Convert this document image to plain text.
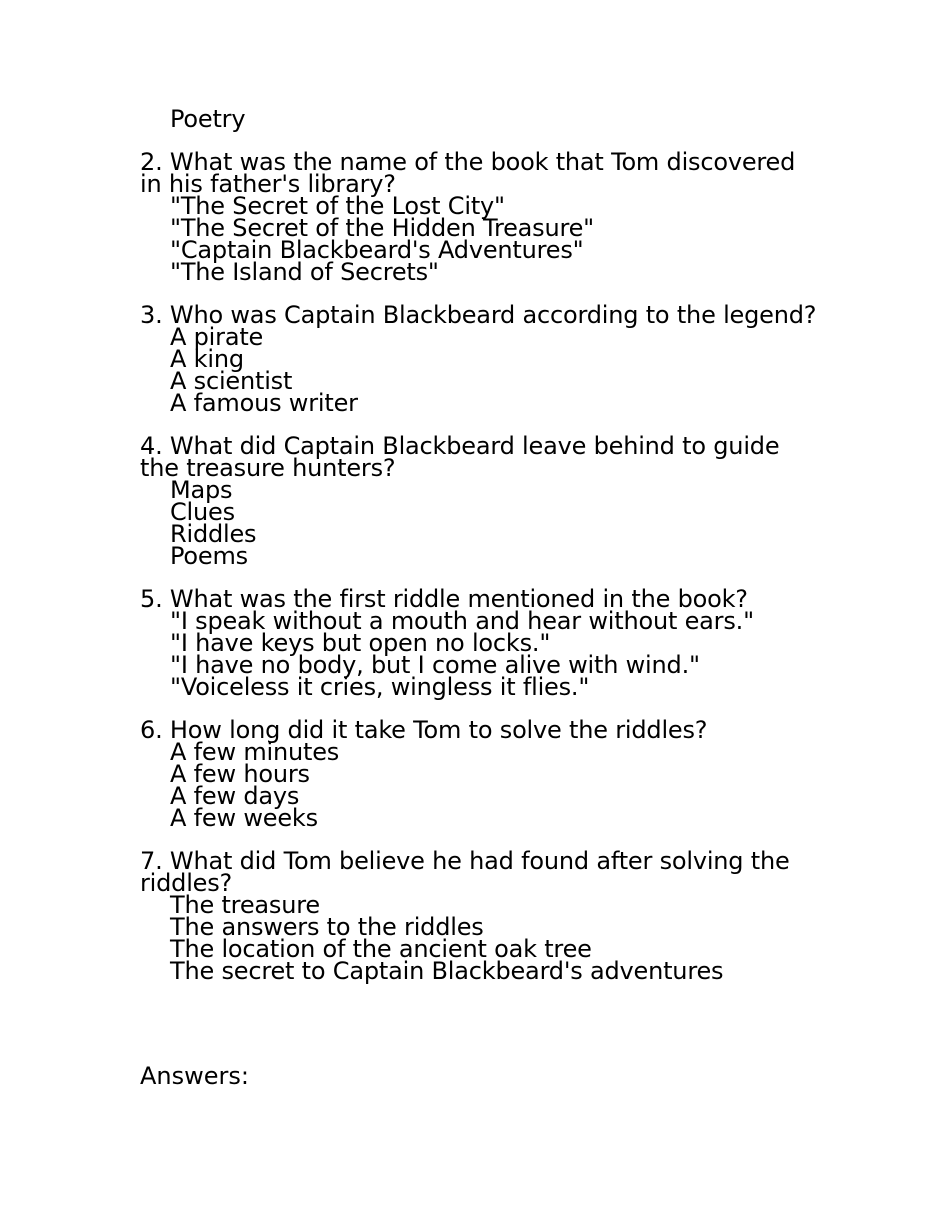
Poetry
2. What was the name of the book that Tom discovered in his father's library?
"The Secret of the Lost City"
"The Secret of the Hidden Treasure"
"Captain Blackbeard's Adventures"
"The Island of Secrets"
3. Who was Captain Blackbeard according to the legend?
A pirate
A king
A scientist
A famous writer
4. What did Captain Blackbeard leave behind to guide the treasure hunters?
Maps
Clues
Riddles
Poems
5. What was the first riddle mentioned in the book?
"I speak without a mouth and hear without ears."
"I have keys but open no locks."
"I have no body, but I come alive with wind."
"Voiceless it cries, wingless it flies."
6. How long did it take Tom to solve the riddles?
A few minutes
A few hours
A few days
A few weeks
7. What did Tom believe he had found after solving the riddles?
The treasure
The answers to the riddles
The location of the ancient oak tree
The secret to Captain Blackbeard's adventures
Answers:
